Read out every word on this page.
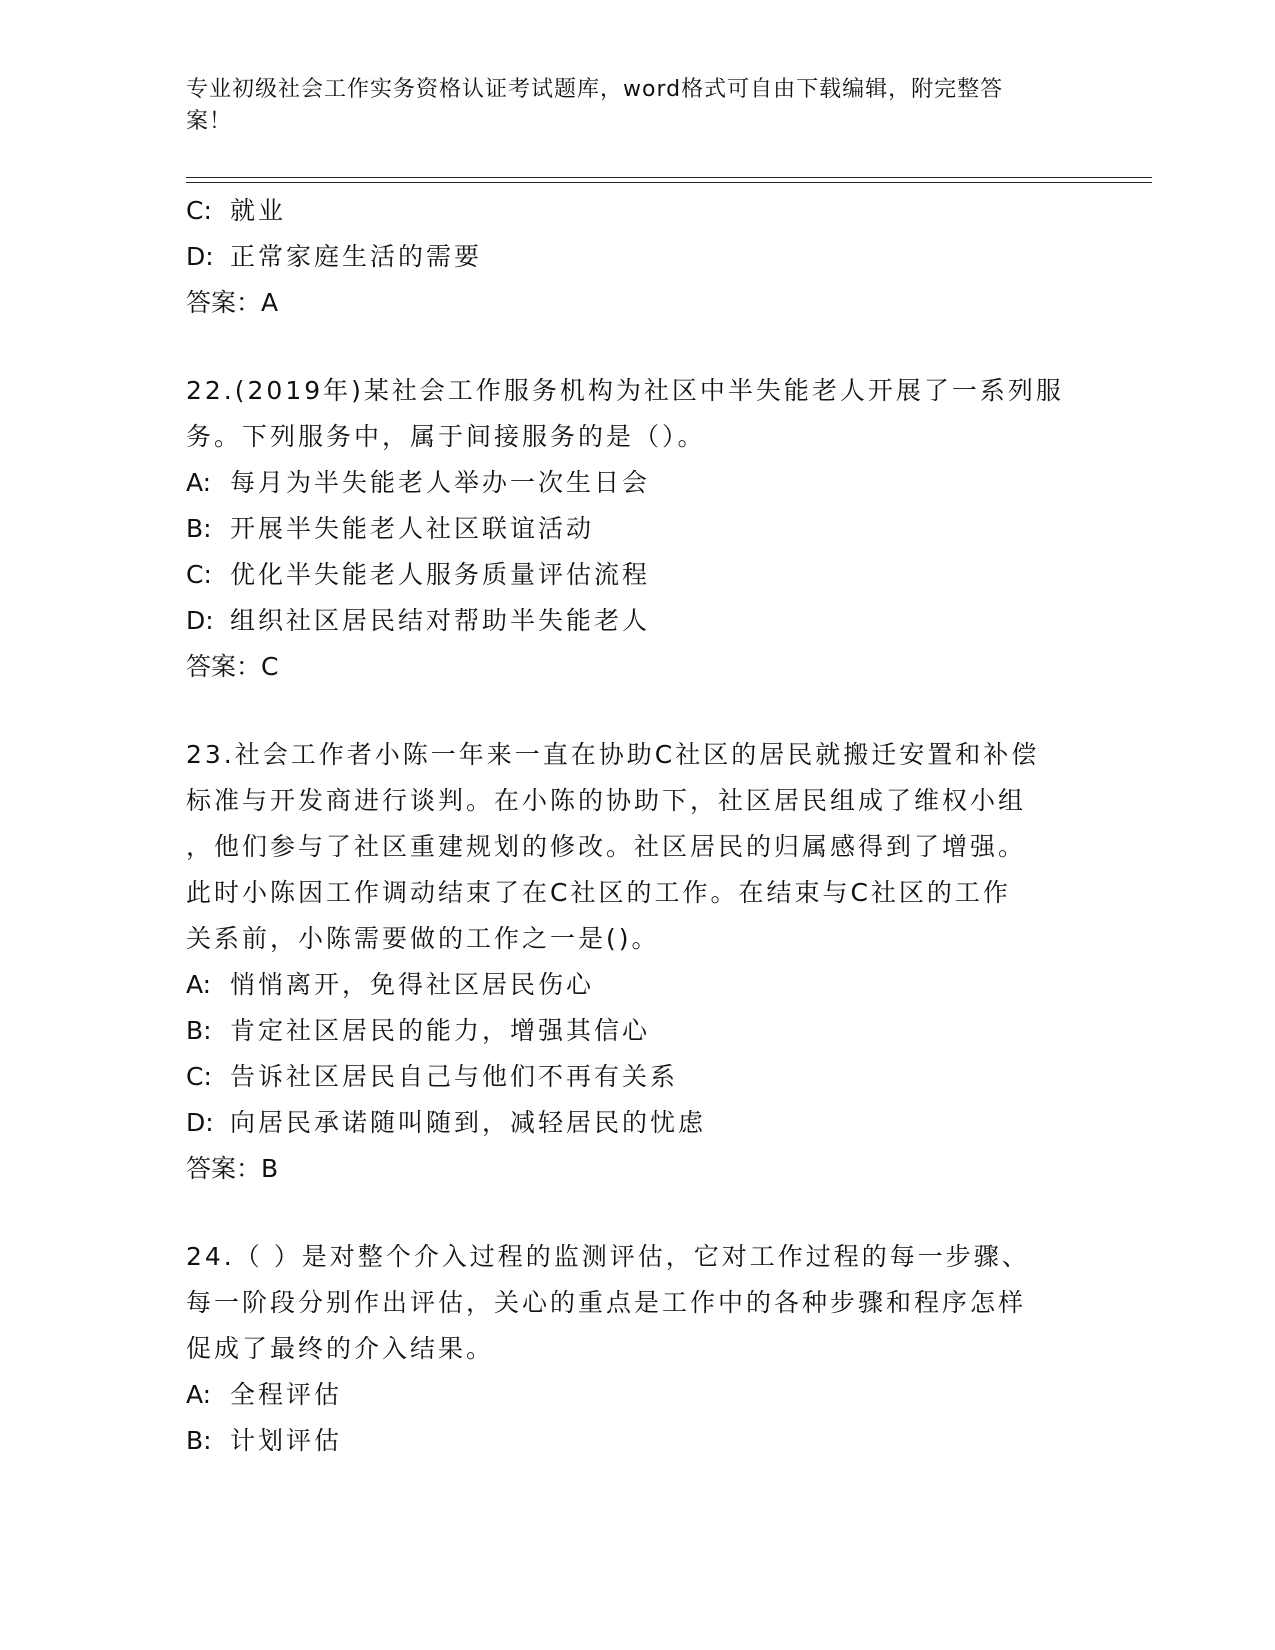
专业初级社会工作实务资格认证考试题库，word格式可自由下载编辑，附完整答
案！
C: 就业
D: 正常家庭生活的需要
答案：A
22.(2019年)某社会工作服务机构为社区中半失能老人开展了一系列服
务。下列服务中，属于间接服务的是（）。
A: 每月为半失能老人举办一次生日会
B: 开展半失能老人社区联谊活动
C: 优化半失能老人服务质量评估流程
D: 组织社区居民结对帮助半失能老人
答案：C
23.社会工作者小陈一年来一直在协助C社区的居民就搬迁安置和补偿
标准与开发商进行谈判。在小陈的协助下，社区居民组成了维权小组
，他们参与了社区重建规划的修改。社区居民的归属感得到了增强。
此时小陈因工作调动结束了在C社区的工作。在结束与C社区的工作
关系前，小陈需要做的工作之一是()。
A: 悄悄离开，免得社区居民伤心
B: 肯定社区居民的能力，增强其信心
C: 告诉社区居民自己与他们不再有关系
D: 向居民承诺随叫随到，减轻居民的忧虑
答案：B
24.（ ）是对整个介入过程的监测评估，它对工作过程的每一步骤、
每一阶段分别作出评估，关心的重点是工作中的各种步骤和程序怎样
促成了最终的介入结果。
A: 全程评估
B: 计划评估
